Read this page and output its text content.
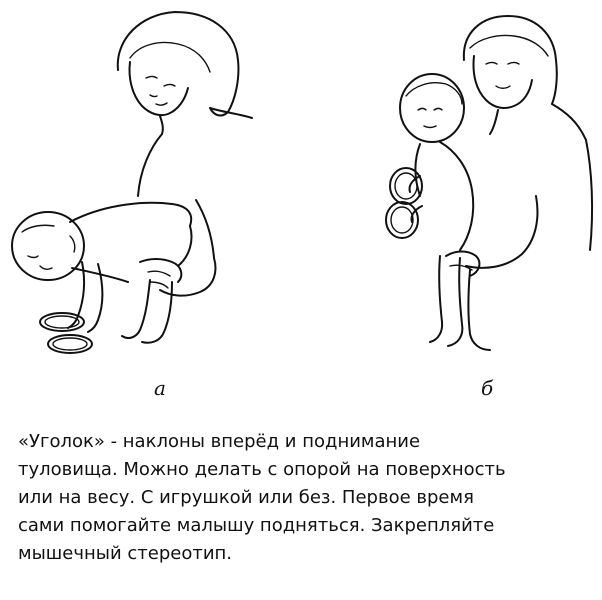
а	б
«Уголок» - наклоны вперёд и поднимание
туловища. Можно делать с опорой на поверхность
или на весу. С игрушкой или без. Первое время
сами помогайте малышу подняться. Закрепляйте
мышечный стереотип.
